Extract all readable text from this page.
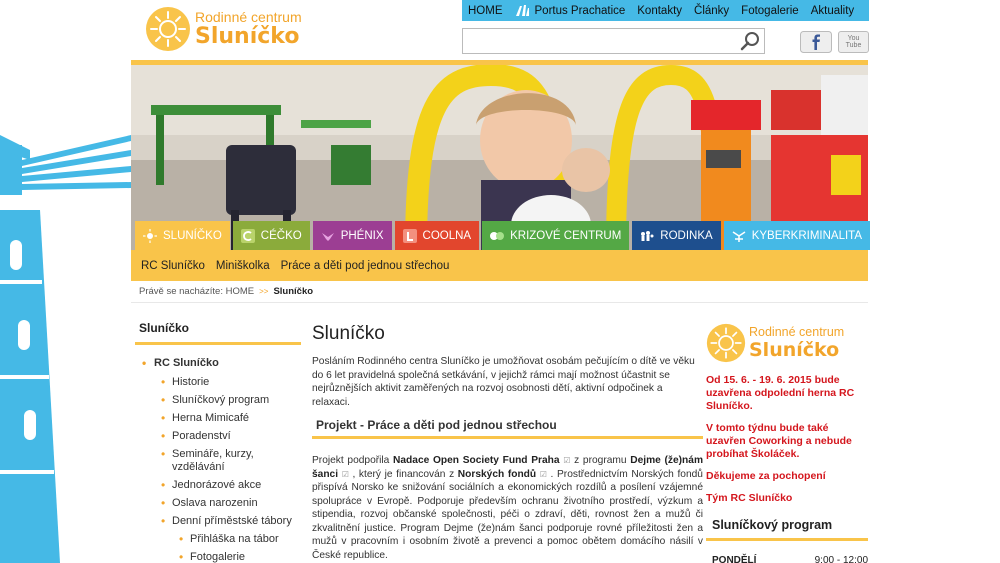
Rodinné centrum
Sluníčko
HOME	Portus Prachatice	Kontakty	Články	Fotogalerie	Aktuality
You Tube
SLUNÍČKO	CÉČKO	PHÉNIX	COOLNA	KRIZOVÉ CENTRUM	RODINKA	KYBERKRIMINALITA
RC Sluníčko Miniškolka Práce a děti pod jednou střechou
Právě se nacházíte:
HOME >> Sluníčko
Sluníčko
• RC Sluníčko
• Historie
• Sluníčkový program
• Herna Mimicafé
• Poradenství
• Semináře, kurzy, vzdělávání
• Jednorázové akce
• Oslava narozenin
• Denní příměstské tábory
• Přihláška na tábor
• Fotogalerie
Sluníčko

Posláním Rodinného centra Sluníčko je umožňovat osobám pečujícím o dítě ve věku do 6 let pravidelná společná setkávání, v jejichž rámci mají možnost účastnit se nejrůznějších aktivit zaměřených na rozvoj osobnosti dětí, aktivní odpočinek a relaxaci.

Projekt - Práce a děti pod jednou střechou

Projekt podpořila Nadace Open Society Fund Praha ☑ z programu Dejme (že)nám šanci ☑ , který je financován z Norských fondů ☑ . Prostřednictvím Norských fondů přispívá Norsko ke snižování sociálních a ekonomických rozdílů a posílení vzájemné spolupráce v Evropě. Podporuje především ochranu životního prostředí, výzkum a stipendia, rozvoj občanské společnosti, péči o zdraví, děti, rovnost žen a mužů či zkvalitnění justice. Program Dejme (že)nám šanci podporuje rovné příležitosti žen a mužů v pracovním i osobním životě a prevenci a pomoc obětem domácího násilí v České republice.

Rodinné centrum
Sluníčko
Od 15. 6. - 19. 6. 2015 bude uzavřena odpolední herna RC Sluníčko.
V tomto týdnu bude také uzavřen Coworking a nebude probíhat Školáček.
Děkujeme za pochopení
Tým RC Sluníčko
Sluníčkový program
PONDĚLÍ	9:00 - 12:00
